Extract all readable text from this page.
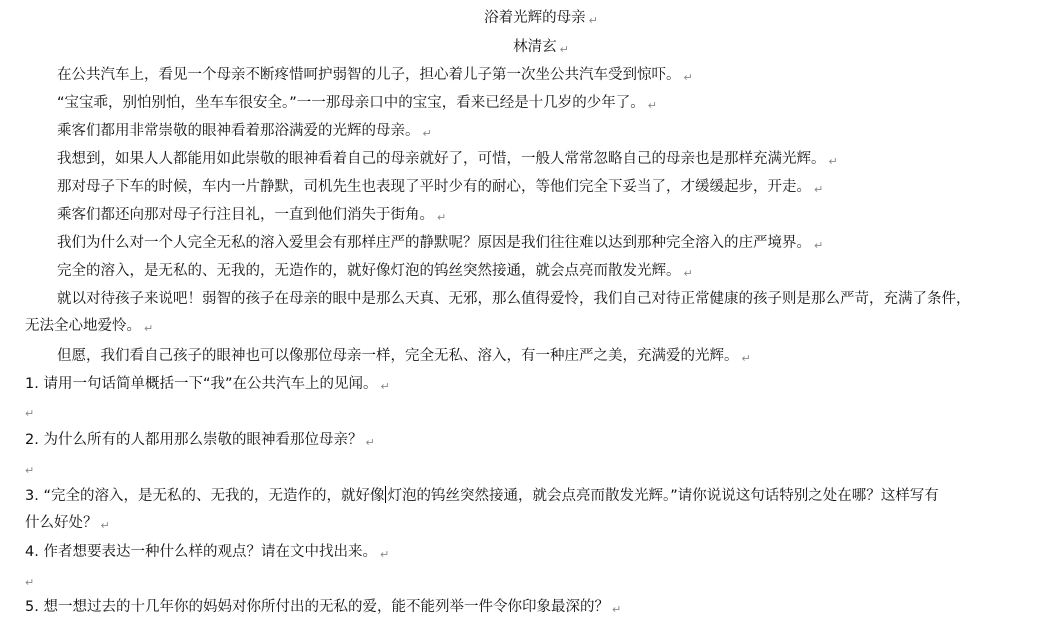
浴着光辉的母亲 ↵
林清玄 ↵
在公共汽车上，看见一个母亲不断疼惜呵护弱智的儿子，担心着儿子第一次坐公共汽车受到惊吓。 ↵
“宝宝乖，别怕别怕，坐车车很安全。”一一那母亲口中的宝宝，看来已经是十几岁的少年了。 ↵
乘客们都用非常崇敬的眼神看着那浴满爱的光辉的母亲。 ↵
我想到，如果人人都能用如此崇敬的眼神看着自己的母亲就好了，可惜，一般人常常忽略自己的母亲也是那样充满光辉。 ↵
那对母子下车的时候，车内一片静默，司机先生也表现了平时少有的耐心，等他们完全下妥当了，才缓缓起步，开走。 ↵
乘客们都还向那对母子行注目礼，一直到他们消失于街角。 ↵
我们为什么对一个人完全无私的溶入爱里会有那样庄严的静默呢？原因是我们往往难以达到那种完全溶入的庄严境界。 ↵
完全的溶入，是无私的、无我的，无造作的，就好像灯泡的钨丝突然接通，就会点亮而散发光辉。 ↵
就以对待孩子来说吧！弱智的孩子在母亲的眼中是那么天真、无邪，那么值得爱怜，我们自己对待正常健康的孩子则是那么严苛，充满了条件，
无法全心地爱怜。 ↵
但愿，我们看自己孩子的眼神也可以像那位母亲一样，完全无私、溶入，有一种庄严之美，充满爱的光辉。 ↵
1. 请用一句话简单概括一下“我”在公共汽车上的见闻。 ↵
↵
2. 为什么所有的人都用那么崇敬的眼神看那位母亲？ ↵
↵
3. “完全的溶入，是无私的、无我的，无造作的，就好像 灯泡的钨丝突然接通，就会点亮而散发光辉。”请你说说这句话特别之处在哪？这样写有
什么好处？ ↵
4. 作者想要表达一种什么样的观点？请在文中找出来。 ↵
↵
5. 想一想过去的十几年你的妈妈对你所付出的无私的爱，能不能列举一件令你印象最深的？ ↵
